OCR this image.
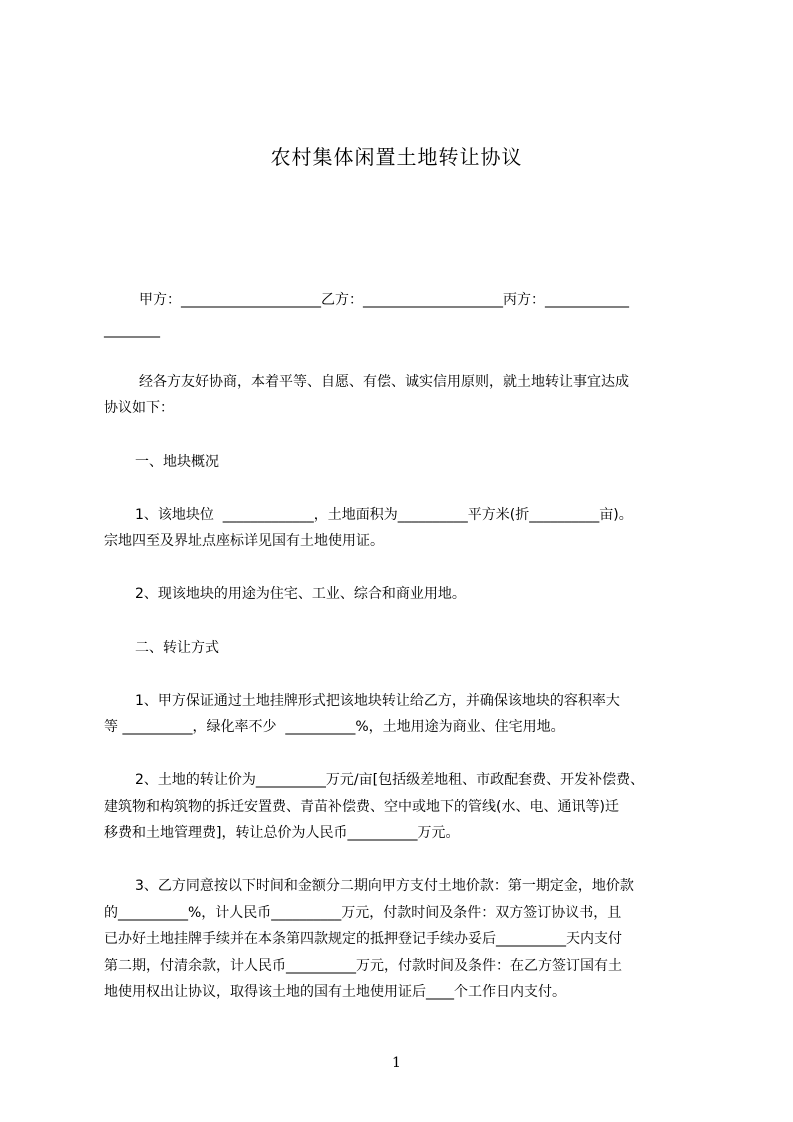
农村集体闲置土地转让协议
甲方：____________________乙方：____________________丙方：____________
________
经各方友好协商，本着平等、自愿、有偿、诚实信用原则，就土地转让事宜达成
协议如下：
一、地块概况
1、该地块位  _____________，土地面积为__________平方米(折__________亩)。
宗地四至及界址点座标详见国有土地使用证。
2、现该地块的用途为住宅、工业、综合和商业用地。
二、转让方式
1、甲方保证通过土地挂牌形式把该地块转让给乙方，并确保该地块的容积率大
等 __________，绿化率不少  __________%，土地用途为商业、住宅用地。
2、土地的转让价为__________万元/亩[包括级差地租、市政配套费、开发补偿费、
建筑物和构筑物的拆迁安置费、青苗补偿费、空中或地下的管线(水、电、通讯等)迁
移费和土地管理费]，转让总价为人民币__________万元。
3、乙方同意按以下时间和金额分二期向甲方支付土地价款：第一期定金，地价款
的__________%，计人民币__________万元，付款时间及条件：双方签订协议书，且
已办好土地挂牌手续并在本条第四款规定的抵押登记手续办妥后__________天内支付
第二期，付清余款，计人民币__________万元，付款时间及条件：在乙方签订国有土
地使用权出让协议，取得该土地的国有土地使用证后____个工作日内支付。
1
